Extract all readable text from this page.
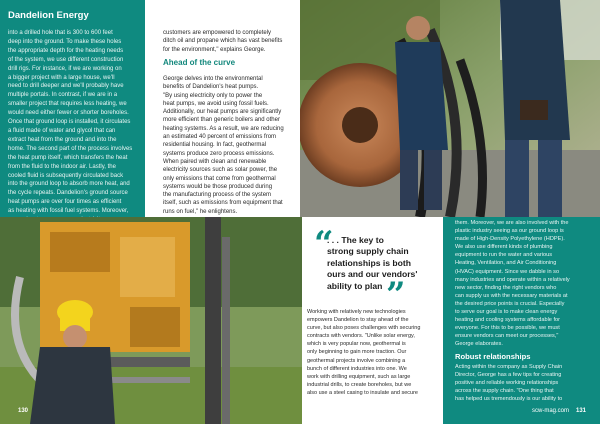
Dandelion Energy
into a drilled hole that is 300 to 600 feet
deep into the ground. To make these holes
the appropriate depth for the heating needs
of the system, we use different construction
drill rigs. For instance, if we are working on
a bigger project with a large house, we'll
need to drill deeper and we'll probably have
multiple portals. In contrast, if we are in a
smaller project that requires less heating, we
would need either fewer or shorter boreholes.
Once that ground loop is installed, it circulates
a fluid made of water and glycol that can
extract heat from the ground and into the
home. The second part of the process involves
the heat pump itself, which transfers the heat
from the fluid to the indoor air. Lastly, the
cooled fluid is subsequently circulated back
into the ground loop to absorb more heat, and
the cycle repeats. Dandelion's ground source
heat pumps are over four times as efficient
as heating with fossil fuel systems. Moreover,

customers are empowered to completely
ditch oil and propane which has vast benefits
for the environment," explains George.
Ahead of the curve
George delves into the environmental
benefits of Dandelion's heat pumps.
"By using electricity only to power the
heat pumps, we avoid using fossil fuels.
Additionally, our heat pumps are significantly
more efficient than generic boilers and other
heating systems. As a result, we are reducing
an estimated 40 percent of emissions from
residential housing. In fact, geothermal
systems produce zero process emissions.
When paired with clean and renewable
electricity sources such as solar power, the
only emissions that come from geothermal
systems would be those produced during
the manufacturing process of the system
itself, such as emissions from equipment that
runs on fuel," he enlightens.
“
. . . The key to
strong supply chain
relationships is both
ours and our vendors'
ability to plan ”
Working with relatively new technologies
empowers Dandelion to stay ahead of the
curve, but also poses challenges with securing
contracts with vendors. "Unlike solar energy,
which is very popular now, geothermal is
only beginning to gain more traction. Our
geothermal projects involve combining a
bunch of different industries into one. We
work with drilling equipment, such as large
industrial drills, to create boreholes, but we
also use a steel casing to insulate and secure
them. Moreover, we are also involved with the
plastic industry seeing as our ground loop is
made of High-Density Polyethylene (HDPE).
We also use different kinds of plumbing
equipment to run the water and various
Heating, Ventilation, and Air Conditioning
(HVAC) equipment. Since we dabble in so
many industries and operate within a relatively
new sector, finding the right vendors who
can supply us with the necessary materials at
the desired price points is crucial. Especially
to serve our goal is to make clean energy
heating and cooling systems affordable for
everyone. For this to be possible, we must
ensure vendors can meet our processes,"
George elaborates.
Robust relationships
Acting within the company as Supply Chain
Director, George has a few tips for creating
positive and reliable working relationships
across the supply chain. "One thing that
has helped us tremendously is our ability to
130	scw-mag.com 131
